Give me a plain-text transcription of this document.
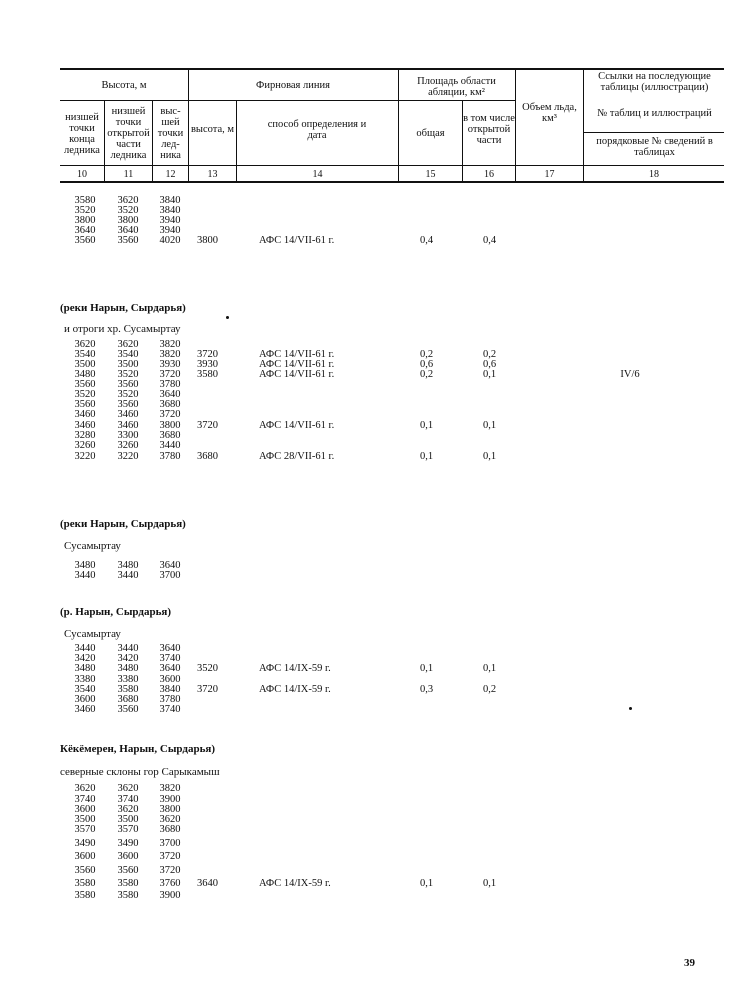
Высота, м
низшей точки конца ледника
низшей точки открытой части ледника
выс-шей точки лед-ника
Фирновая линия
высота, м	способ определения и дата
Площадь области абляции, км²
общая
в том числе открытой части
Объем льда, км³
Ссылки на последующие таблицы (иллюстрации)
№ таблиц и иллюстраций
порядковые № сведений в таблицах
10	11	12	13	14	15	16	17	18
3580	3620	3840
3520	3520	3840
3800	3800	3940
3640	3640	3940
3560	3560	4020	3800	АФС 14/VII-61 г.	0,4	0,4
(реки Нарын, Сырдарья)
и отроги хр. Сусамыртау
3620	3620	3820
3540	3540	3820	3720	АФС 14/VII-61 г.	0,2	0,2
3500	3500	3930	3930	АФС 14/VII-61 г.	0,6	0,6
3480	3520	3720	3580	АФС 14/VII-61 г.	0,2	0,1	IV/6
3560	3560	3780
3520	3520	3640
3560	3560	3680
3460	3460	3720
3460	3460	3800	3720	АФС 14/VII-61 г.	0,1	0,1
3280	3300	3680
3260	3260	3440
3220	3220	3780	3680	АФС 28/VII-61 г.	0,1	0,1
(реки Нарын, Сырдарья)
Сусамыртау
3480	3480	3640
3440	3440	3700
(р. Нарын, Сырдарья)
Сусамыртау
3440	3440	3640
3420	3420	3740
3480	3480	3640	3520	АФС 14/IX-59 г.	0,1	0,1
3380	3380	3600
3540	3580	3840	3720	АФС 14/IX-59 г.	0,3	0,2
3600	3680	3780
3460	3560	3740
Кёкёмерен, Нарын, Сырдарья)
северные склоны гор Сарыкамыш
3620	3620	3820
3740	3740	3900
3600	3620	3800
3500	3500	3620
3570	3570	3680
3490	3490	3700
3600	3600	3720
3560	3560	3720
3580	3580	3760	3640	АФС 14/IX-59 г.	0,1	0,1
3580	3580	3900
39
